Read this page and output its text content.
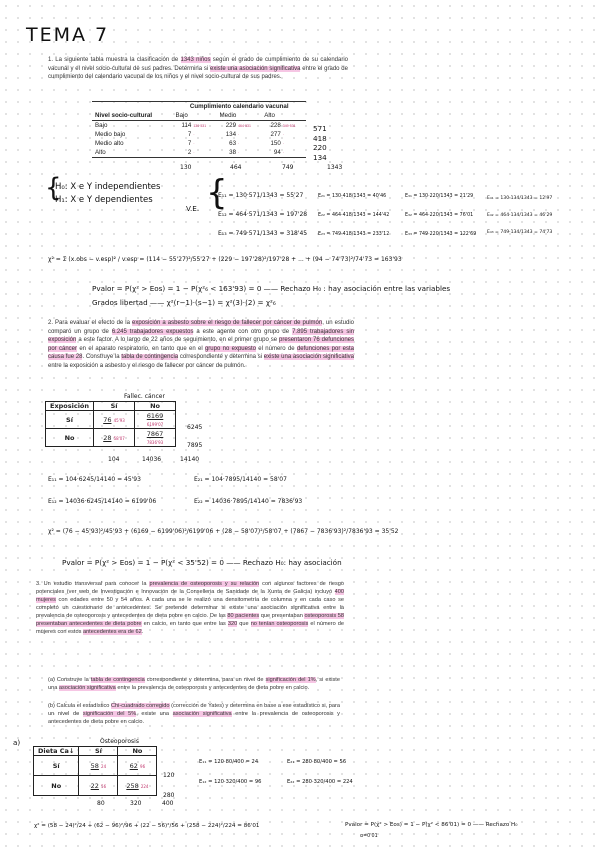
TEMA 7
1. La siguiente tabla muestra la clasificación de 1343 niños según el grado de cumplimiento de su calendario vacunal y el nivel socio-cultural de sus padres. Determina si existe una asociación significativa entre el grado de cumplimiento del calendario vacunal de los niños y el nivel socio-cultural de sus padres.
	Cumplimiento calendario vacunal					
Nivel socio-cultural	Bajo		Medio		Alto	
Bajo	114	130·531	229	464·531	228	349·531
Medio bajo	7	·	134	·	277	·
Medio alto	7	·	63	·	150	·
Alto	2	·	38	·	94	·
571
418
220
134
130	464	749	1343
{
H₀: X e Y independientes
H₁: X e Y dependientes
V.E. {
E₁₁ = 130·571/1343 = 55'27
E₁₂ = 464·571/1343 = 197'28
E₁₃ = 749·571/1343 = 318'45
E₂₁ = 130·418/1343 = 40'46
E₂₂ = 464·418/1343 = 144'42
E₂₃ = 749·418/1343 = 233'12
E₃₁ = 130·220/1343 = 21'29
E₃₂ = 464·220/1343 = 76'01
E₃₃ = 749·220/1343 = 122'69
E₄₁ = 130·134/1343 = 12'97
E₄₂ = 464·134/1343 = 46'29
E₄₃ = 749·134/1343 = 74'73
χ² = Σ (x.obs − v.esp)² / v.esp = (114 − 55'27)²/55'27 + (229 − 197'28)²/197'28 + ... + (94 − 74'73)²/74'73 = 163'93
Pvalor = P(χ² > Eos) = 1 − P(χ²₆ < 163'93) = 0 —— Rechazo H₀ : hay asociación entre las variables
Grados libertad —— χ²(r−1)·(s−1) = χ²(3)·(2) = χ²₆
2. Para evaluar el efecto de la exposición a asbesto sobre el riesgo de fallecer por cáncer de pulmón, un estudio comparó un grupo de 6.245 trabajadores expuestos a este agente con otro grupo de 7.895 trabajadores sin exposición a este factor. A lo largo de 22 años de seguimiento, en el primer grupo se presentaron 76 defunciones por cáncer en el aparato respiratorio, en tanto que en el grupo no expuesto el número de defunciones por esta causa fue 28. Construye la tabla de contingencia correspondiente y determina si existe una asociación significativa entre la exposición a asbesto y el riesgo de fallecer por cáncer de pulmón.
Fallec. cáncer
Exposición	Sí	No
Sí	76 45'93	6169 6199'07
No	28 58'07	7867 7836'93
6245
7895
104	14036	14140
E₁₁ = 104·6245/14140 = 45'93
E₁₂ = 14036·6245/14140 = 6199'06
E₂₁ = 104·7895/14140 = 58'07
E₂₂ = 14036·7895/14140 = 7836'93
χ² = (76 − 45'93)²/45'93 + (6169 − 6199'06)²/6199'06 + (28 − 58'07)²/58'07 + (7867 − 7836'93)²/7836'93 = 35'52
Pvalor = P(χ² > Eos) = 1 − P(χ² < 35'52) = 0 —— Rechazo H₀: hay asociación
3. Un estudio transversal para conocer la prevalencia de osteoporosis y su relación con algunos factores de riesgo potenciales (ver web de Investigación e Innovación de la Conselleria de Sanidade de la Xunta de Galicia) incluyó 400 mujeres con edades entre 50 y 54 años. A cada una se le realizó una densitometría de columna y en cada caso se completó un cuestionario de antecedentes. Se pretende determinar si existe una asociación significativa entre la prevalencia de osteoporosis y antecedentes de dieta pobre en calcio. De las 80 pacientes que presentaban osteoporosis 58 presentaban antecedentes de dieta pobre en calcio, en tanto que entre las 320 que no tenían osteoporosis el número de mujeres con estos antecedentes era de 62.
(a) Construye la tabla de contingencia correspondiente y determina, para un nivel de significación del 1%, si existe una asociación significativa entre la prevalencia de osteoporosis y antecedentes de dieta pobre en calcio.
(b) Calcula el estadístico Chi-cuadrado corregido (corrección de Yates) y determina en base a ese estadístico si, para un nivel de significación del 5%, existe una asociación significativa entre la prevalencia de osteoporosis y antecedentes de dieta pobre en calcio.
a)	Osteoporosis
Dieta Ca↓	Sí	No
Sí	58 24	62 96
No	22 56	258 224
120
280
80	320	400
E₁₁ = 120·80/400 = 24
E₁₂ = 120·320/400 = 96
E₂₁ = 280·80/400 = 56
E₂₂ = 280·320/400 = 224
χ² = (58 − 24)²/24 + (62 − 96)²/96 + (22 − 56)²/56 + (258 − 224)²/224 = 86'01	Pvalor = P(χ² > Eos) = 1 − P(χ² < 86'01) = 0 —— Rechazo H₀
α=0'01
